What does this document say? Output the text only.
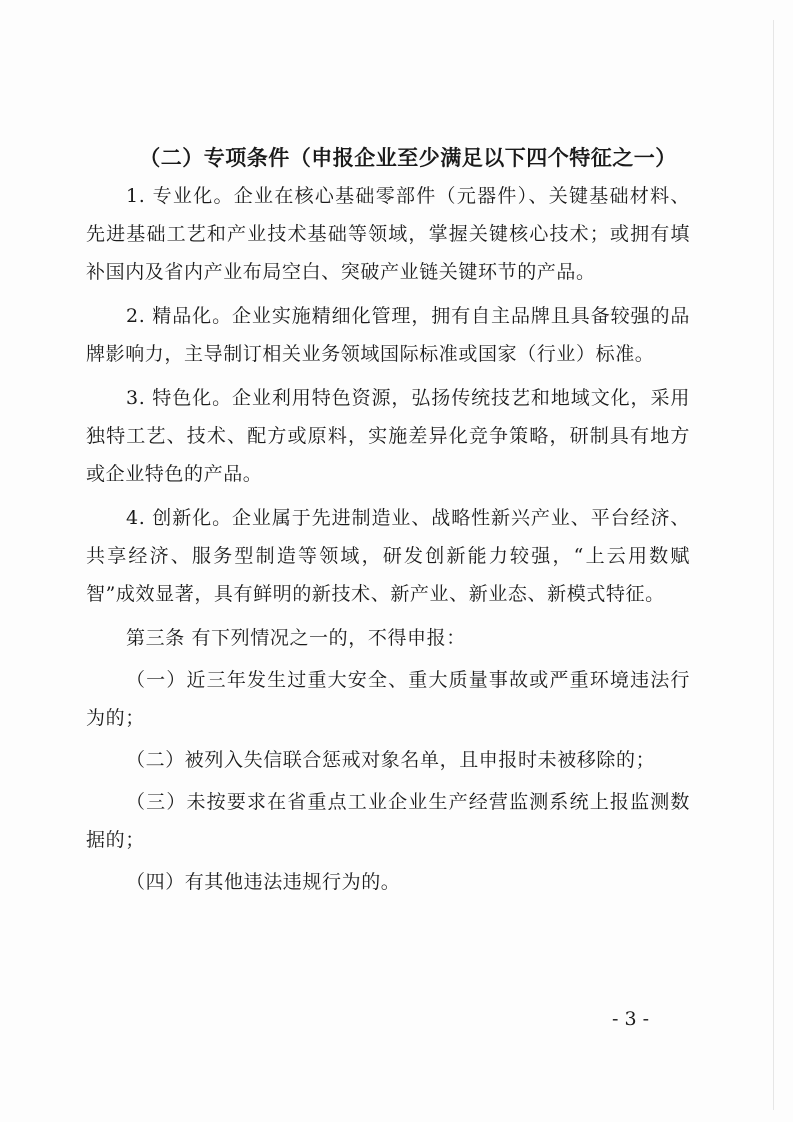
（二）专项条件（申报企业至少满足以下四个特征之一）

1. 专业化。企业在核心基础零部件（元器件）、关键基础材料、先进基础工艺和产业技术基础等领域，掌握关键核心技术；或拥有填补国内及省内产业布局空白、突破产业链关键环节的产品。

2. 精品化。企业实施精细化管理，拥有自主品牌且具备较强的品牌影响力，主导制订相关业务领域国际标准或国家（行业）标准。

3. 特色化。企业利用特色资源，弘扬传统技艺和地域文化，采用独特工艺、技术、配方或原料，实施差异化竞争策略，研制具有地方或企业特色的产品。

4. 创新化。企业属于先进制造业、战略性新兴产业、平台经济、共享经济、服务型制造等领域，研发创新能力较强，“上云用数赋智”成效显著，具有鲜明的新技术、新产业、新业态、新模式特征。

第三条 有下列情况之一的，不得申报：

（一）近三年发生过重大安全、重大质量事故或严重环境违法行为的；

（二）被列入失信联合惩戒对象名单，且申报时未被移除的；

（三）未按要求在省重点工业企业生产经营监测系统上报监测数据的；

（四）有其他违法违规行为的。

- 3 -
